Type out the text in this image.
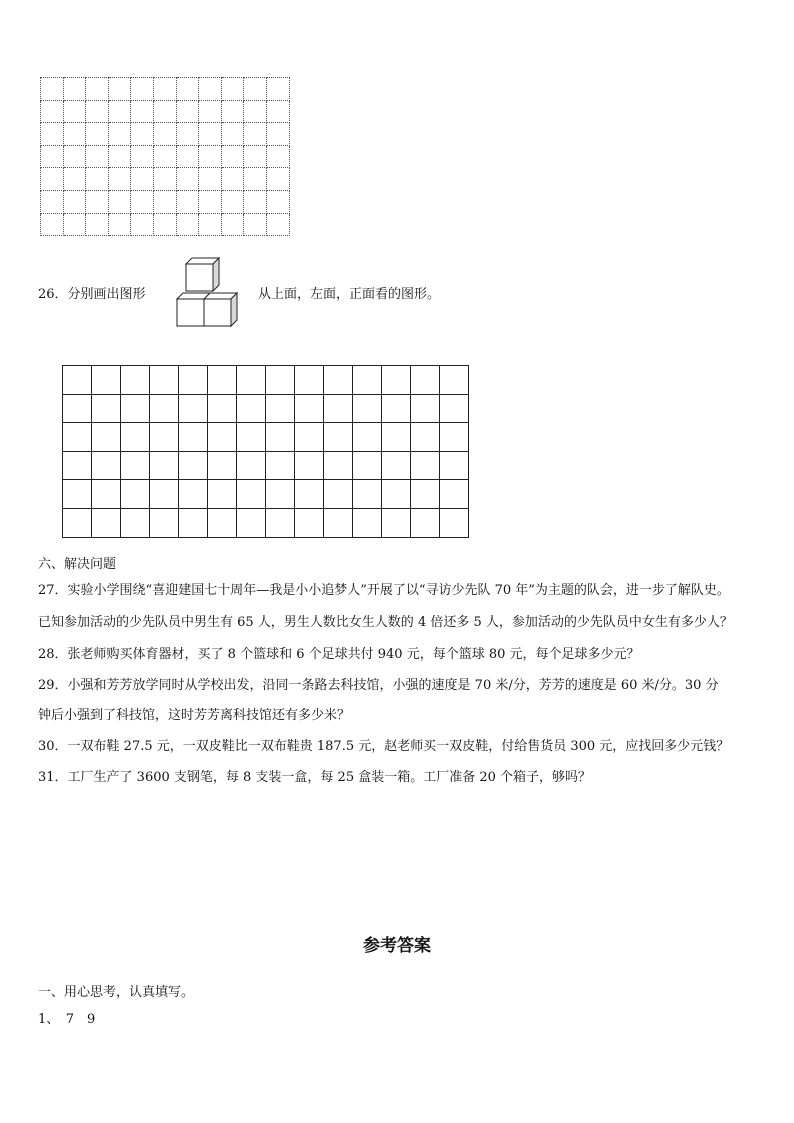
26．分别画出图形	从上面，左面，正面看的图形。

六、解决问题
27．实验小学围绕“喜迎建国七十周年—我是小小追梦人”开展了以“寻访少先队 70 年”为主题的队会，进一步了解队史。
已知参加活动的少先队员中男生有 65 人，男生人数比女生人数的 4 倍还多 5 人，参加活动的少先队员中女生有多少人？
28．张老师购买体育器材，买了 8 个篮球和 6 个足球共付 940 元，每个篮球 80 元，每个足球多少元？
29．小强和芳芳放学同时从学校出发，沿同一条路去科技馆，小强的速度是 70 米/分，芳芳的速度是 60 米/分。30 分
钟后小强到了科技馆，这时芳芳离科技馆还有多少米？
30．一双布鞋 27.5 元，一双皮鞋比一双布鞋贵 187.5 元，赵老师买一双皮鞋，付给售货员 300 元，应找回多少元钱？
31．工厂生产了 3600 支钢笔，每 8 支装一盒，每 25 盒装一箱。工厂准备 20 个箱子，够吗？
参考答案
一、用心思考，认真填写。
1、　7　9
